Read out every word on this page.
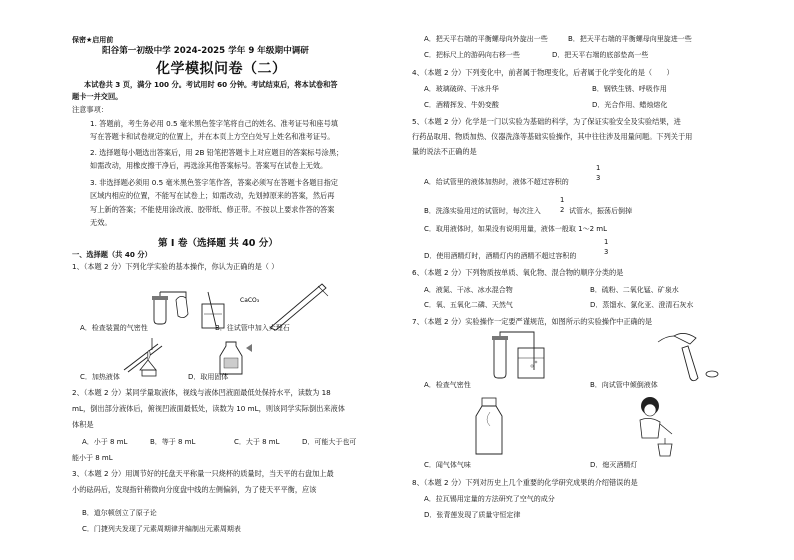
保密★启用前
阳谷第一初级中学 2024-2025 学年 9 年级期中调研
化学模拟问卷（二）
本试卷共 3 页，满分 100 分。考试用时 60 分钟。考试结束后，将本试卷和答
题卡一并交回。
注意事项：
1. 答题前，考生务必用 0.5 毫米黑色签字笔将自己的姓名、准考证号和座号填
写在答题卡和试卷规定的位置上，并在本页上方空白处写上姓名和准考证号。
2. 选择题每小题选出答案后，用 2B 铅笔把答题卡上对应题目的答案标号涂黑；
如需改动，用橡皮擦干净后，再选涂其他答案标号。答案写在试卷上无效。
3. 非选择题必须用 0.5 毫米黑色签字笔作答，答案必须写在答题卡各题目指定
区域内相应的位置，不能写在试卷上；如需改动，先划掉原来的答案，然后再
写上新的答案；不能使用涂改液、胶带纸、修正带。不按以上要求作答的答案
无效。
第 I 卷（选择题 共 40 分）
一、选择题（共 40 分）
1、（本题 2 分）下列化学实验的基本操作，你认为正确的是（ ）
CaCO₃
A．检查装置的气密性	B．往试管中加入大理石
C．加热液体	D．取用固体
2、（本题 2 分）某同学量取液体，视线与液体凹液面最低处保持水平，读数为 18
mL，倒出部分液体后，俯视凹液面最低处，读数为 10 mL，则该同学实际倒出来液体
体积是
A．小于 8 mL	B．等于 8 mL	C．大于 8 mL	D．可能大于也可
能小于 8 mL
3、（本题 2 分）用调节好的托盘天平称量一只烧杯的质量时，当天平的右盘加上最
小的砝码后，发现指针稍微向分度盘中线的左侧偏斜，为了使天平平衡，应该
B．道尔顿创立了原子论
C．门捷列夫发现了元素周期律并编制出元素周期表
A．把天平右端的平衡螺母向外旋出一些	B．把天平右端的平衡螺母向里旋进一些
C．把标尺上的游码向右移一些	D．把天平右端的底部垫高一些
4、（本题 2 分）下列变化中，前者属于物理变化，后者属于化学变化的是（　　）
A．玻璃破碎、干冰升华	B．钢铁生锈、呼吸作用
C．酒精挥发、牛奶变酸	D．光合作用、蜡烛熔化
5、（本题 2 分）化学是一门以实验为基础的科学，为了保证实验安全及实验结果，进
行药品取用、物质加热、仪器洗涤等基础实验操作，其中往往涉及用量问题。下列关于用
量的说法不正确的是
A．给试管里的液体加热时，液体不超过容积的
1
3
B．洗涤实验用过的试管时，每次注入
1
2 试管水，振荡后倒掉
C．取用液体时，如果没有说明用量，液体一般取 1～2 mL
D．使用酒精灯时，酒精灯内的酒精不超过容积的
1
3
6、（本题 2 分）下列物质按单质、氧化物、混合物的顺序分类的是
A．液氮、干冰、冰水混合物	B．硫粉、二氧化锰、矿泉水
C．氧、五氧化二磷、天然气	D．蒸馏水、氯化亚、澄清石灰水
7、（本题 2 分）实验操作一定要严谨规范，如图所示的实验操作中正确的是
A．检查气密性	B．向试管中倾倒液体
C．闻气体气味	D．熄灭酒精灯
8、（本题 2 分）下列对历史上几个重要的化学研究成果的介绍错误的是
A．拉瓦锡用定量的方法研究了空气的成分
D．张青莲发现了质量守恒定律
